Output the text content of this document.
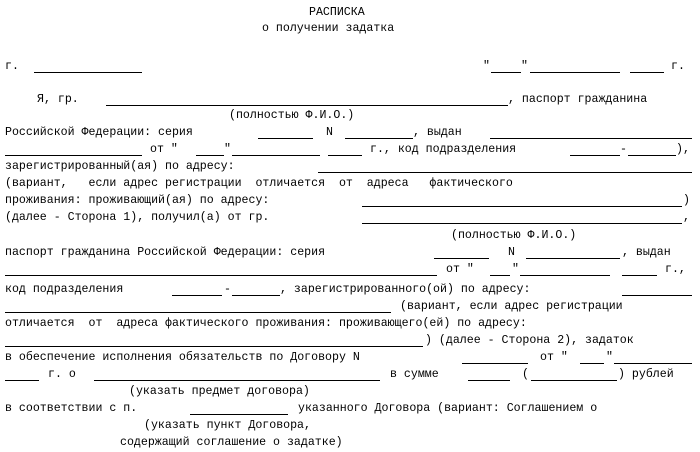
РАСПИСКА
о получении задатка
г.	"	"	г.
Я, гр.	, паспорт гражданина
(полностью Ф.И.О.)
Российской Федерации: серия	N	, выдан
от "	"	г., код подразделения	-	),
зарегистрированный(ая) по адресу:
(вариант,   если адрес регистрации  отличается  от  адреса   фактического
проживания: проживающий(ая) по адресу:	)
(далее - Сторона 1), получил(а) от гр.	,
(полностью Ф.И.О.)
паспорт гражданина Российской Федерации: серия	N	, выдан
от "	"	г.,
код подразделения	-	, зарегистрированного(ой) по адресу:
(вариант, если адрес регистрации
отличается  от  адреса фактического проживания: проживающего(ей) по адресу:
) (далее - Сторона 2), задаток
в обеспечение исполнения обязательств по Договору N	от "	"
г. о	в сумме	(	) рублей
(указать предмет договора)
в соответствии с п.	указанного Договора (вариант: Соглашением о
(указать пункт Договора,
содержащий соглашение о задатке)
